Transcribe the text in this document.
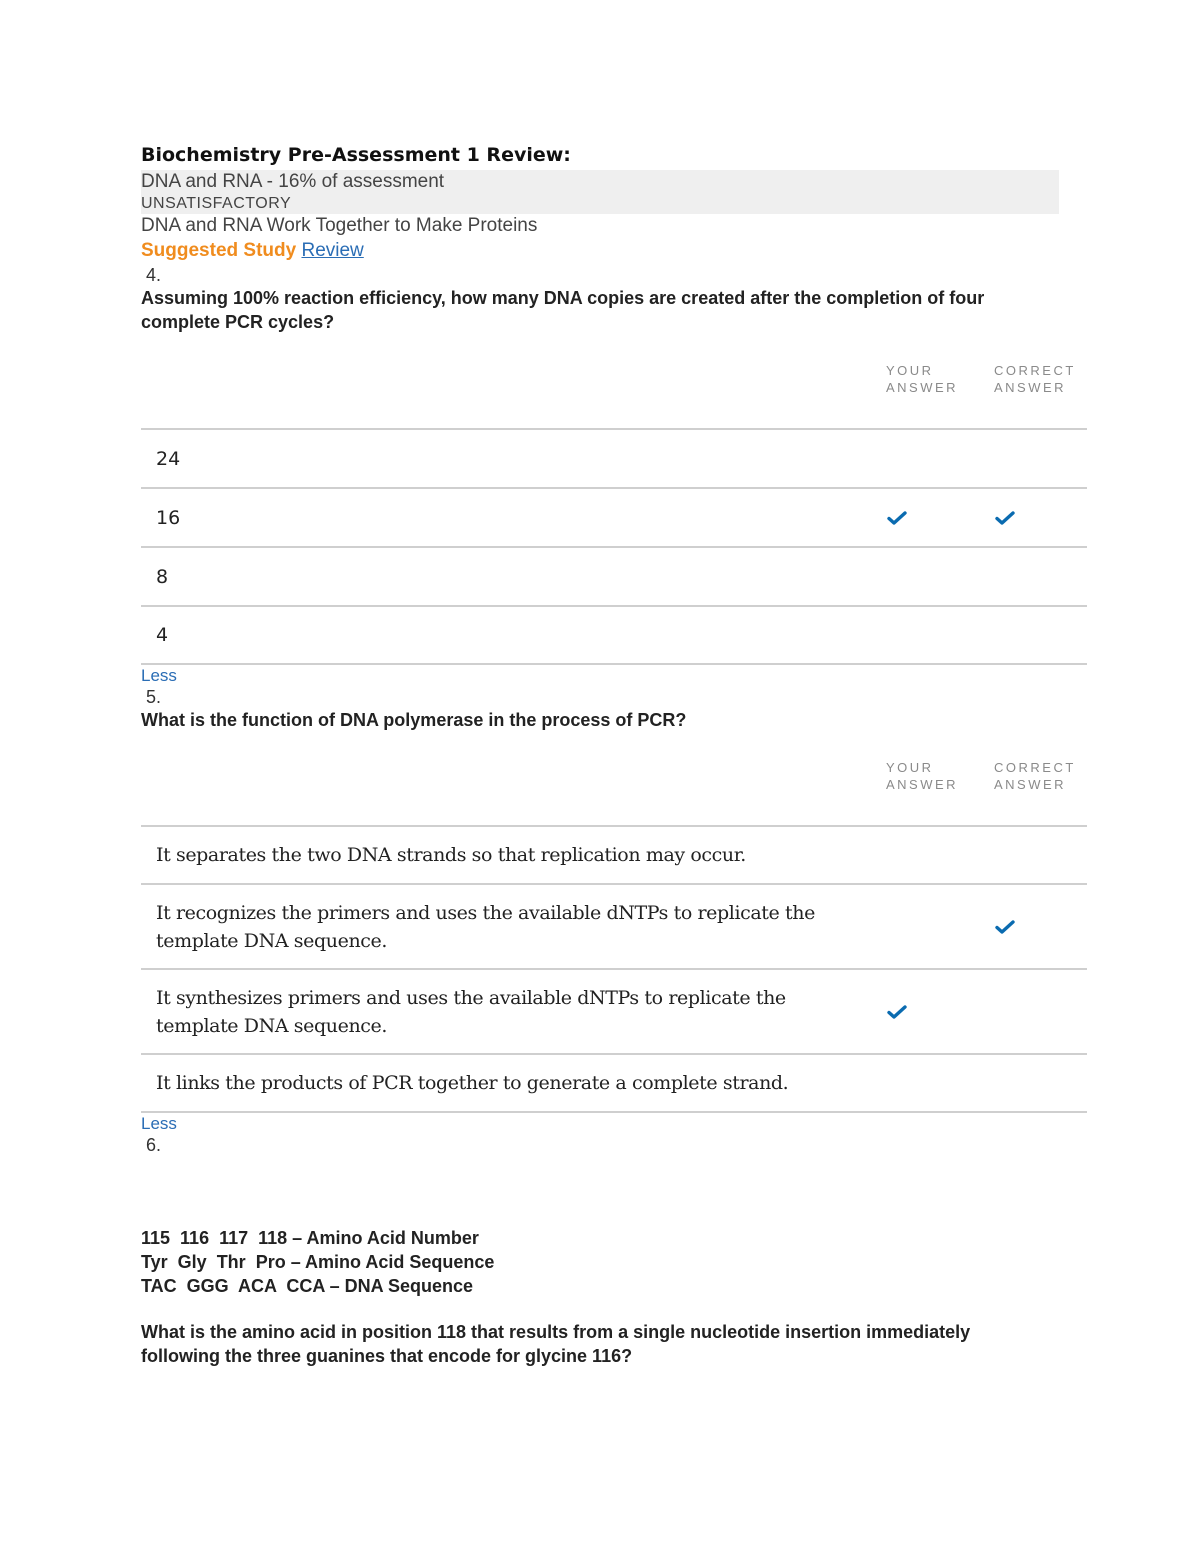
Biochemistry Pre-Assessment 1 Review:
DNA and RNA - 16% of assessment
UNSATISFACTORY
DNA and RNA Work Together to Make Proteins
Suggested Study Review
4.
Assuming 100% reaction efficiency, how many DNA copies are created after the completion of four complete PCR cycles?
YOUR ANSWER
CORRECT ANSWER
24
16
8
4
Less
5.
What is the function of DNA polymerase in the process of PCR?
YOUR ANSWER
CORRECT ANSWER
It separates the two DNA strands so that replication may occur.
It recognizes the primers and uses the available dNTPs to replicate the template DNA sequence.
It synthesizes primers and uses the available dNTPs to replicate the template DNA sequence.
It links the products of PCR together to generate a complete strand.
Less
6.
115  116  117  118 – Amino Acid Number
Tyr  Gly  Thr  Pro – Amino Acid Sequence
TAC  GGG  ACA  CCA – DNA Sequence
What is the amino acid in position 118 that results from a single nucleotide insertion immediately following the three guanines that encode for glycine 116?
